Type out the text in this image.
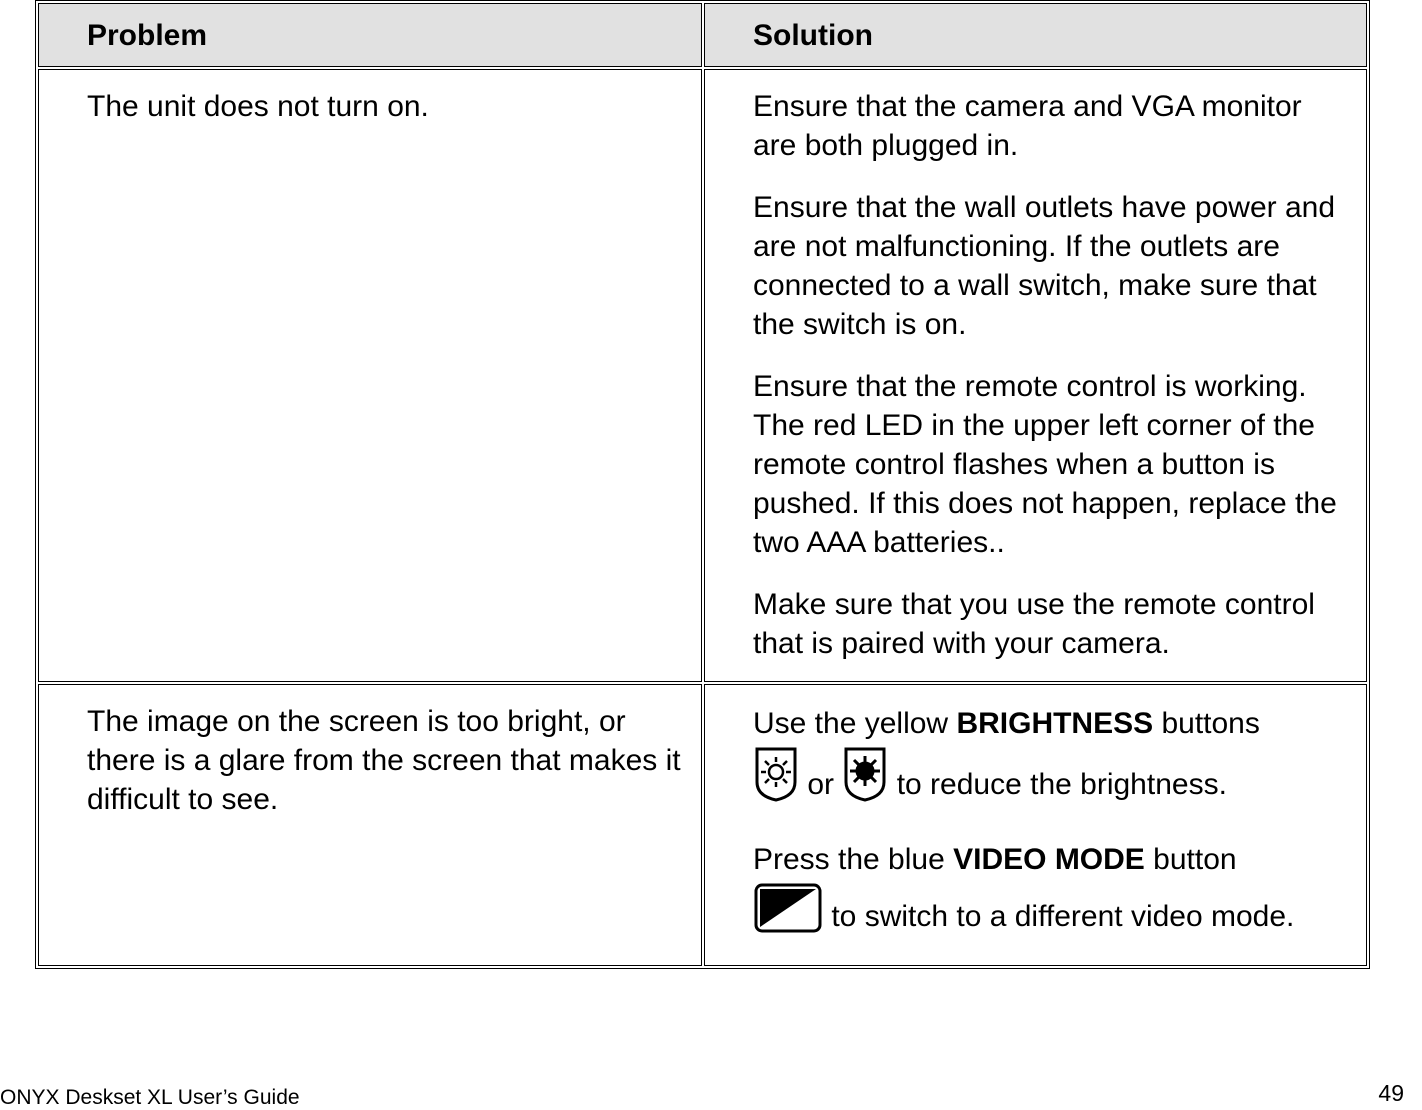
Problem	Solution

The unit does not turn on.	Ensure that the camera and VGA monitor are both plugged in.

Ensure that the wall outlets have power and are not malfunctioning. If the outlets are connected to a wall switch, make sure that the switch is on.

Ensure that the remote control is working. The red LED in the upper left corner of the remote control flashes when a button is pushed. If this does not happen, replace the two AAA batteries..

Make sure that you use the remote control that is paired with your camera.

The image on the screen is too bright, or there is a glare from the screen that makes it difficult to see.	Use the yellow BRIGHTNESS buttons
or  to reduce the brightness.

Press the blue VIDEO MODE button
to switch to a different video mode.

ONYX Deskset XL User’s Guide	49
